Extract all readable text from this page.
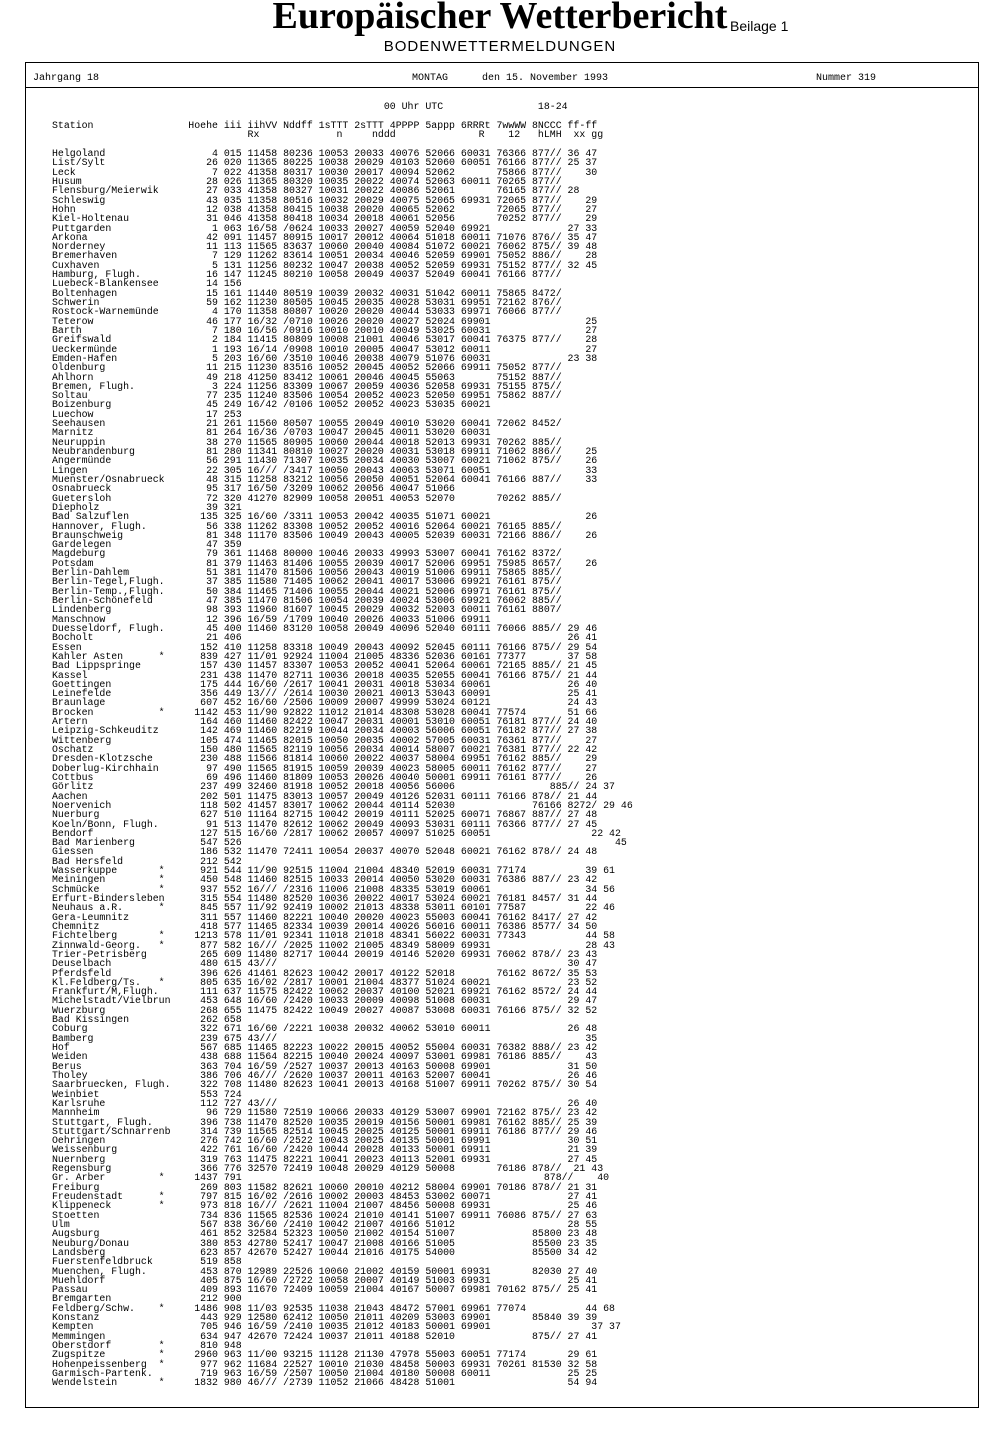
Europäischer Wetterbericht Beilage 1
BODENWETTERMELDUNGEN
Jahrgang 18	MONTAG	den 15. November 1993	Nummer 319
00 Uhr UTC                18-24

Station                Hoehe iii iihVV Nddff 1sTTT 2sTTT 4PPPP 5appp 6RRRt 7wwWW 8NCCC ff-ff
Rx             n     nddd              R    12   hLMH  xx gg
Helgoland                  4 015 11458 80236 10053 20033 40076 52066 60031 76366 877// 36 47
List/Sylt                 26 020 11365 80225 10038 20029 40103 52060 60051 76166 877// 25 37
Leck                       7 022 41358 80317 10030 20017 40094 52062       75866 877//    30
Husum                     28 026 11365 80320 10035 20022 40074 52063 60011 70265 877//
Flensburg/Meierwik        27 033 41358 80327 10031 20022 40086 52061       76165 877// 28
Schleswig                 43 035 11358 80516 10032 20029 40075 52065 69931 72065 877//    29
Hohn                      12 038 41358 80415 10038 20020 40065 52062       72065 877//    27
Kiel-Holtenau             31 046 41358 80418 10034 20018 40061 52056       70252 877//    29
Puttgarden                 1 063 16/58 /0624 10033 20027 40059 52040 69921             27 33
Arkona                    42 091 11457 80915 10017 20012 40064 51018 60011 71076 876// 35 47
Norderney                 11 113 11565 83637 10060 20040 40084 51072 60021 76062 875// 39 48
Bremerhaven                7 129 11262 83614 10051 20034 40046 52059 69901 75052 886//    28
Cuxhaven                   5 131 11256 80232 10047 20038 40052 52059 69931 75152 877// 32 45
Hamburg, Flugh.           16 147 11245 80210 10058 20049 40037 52049 60041 76166 877//
Luebeck-Blankensee        14 156
Boltenhagen               15 161 11440 80519 10039 20032 40031 51042 60011 75865 8472/
Schwerin                  59 162 11230 80505 10045 20035 40028 53031 69951 72162 876//
Rostock-Warnemünde         4 170 11358 80807 10020 20020 40044 53033 69971 76066 877//
Teterow                   46 177 16/32 /0710 10026 20020 40027 52024 69901                25
Barth                      7 180 16/56 /0916 10010 20010 40049 53025 60031                27
Greifswald                 2 184 11415 80809 10008 21001 40046 53017 60041 76375 877//    28
Ueckermünde                1 193 16/14 /0908 10010 20005 40047 53012 60011                27
Emden-Hafen                5 203 16/60 /3510 10046 20038 40079 51076 60031             23 38
Oldenburg                 11 215 11230 83516 10052 20045 40052 52066 69911 75052 877//
Ahlhorn                   49 218 41250 83412 10061 20046 40045 55063       75152 887//
Bremen, Flugh.             3 224 11256 83309 10067 20059 40036 52058 69931 75155 875//
Soltau                    77 235 11240 83506 10054 20052 40023 52050 69951 75862 887//
Boizenburg                45 249 16/42 /0106 10052 20052 40023 53035 60021
Luechow                   17 253
Seehausen                 21 261 11560 80507 10055 20049 40010 53020 60041 72062 8452/
Marnitz                   81 264 16/36 /0703 10047 20045 40011 53020 60031
Neuruppin                 38 270 11565 80905 10060 20044 40018 52013 69931 70262 885//
Neubrandenburg            81 280 11341 80810 10027 20020 40031 53018 69911 71062 886//    25
Angermünde                56 291 11430 71307 10035 20034 40030 53007 60021 71062 875//    26
Lingen                    22 305 16/// /3417 10050 20043 40063 53071 60051                33
Muenster/Osnabrueck       48 315 11258 83212 10056 20050 40051 52064 60041 76166 887//    33
Osnabrueck                95 317 16/50 /3209 10062 20056 40047 51066
Guetersloh                72 320 41270 82909 10058 20051 40053 52070       70262 885//
Diepholz                  39 321
Bad Salzuflen            135 325 16/60 /3311 10053 20042 40035 51071 60021                26
Hannover, Flugh.          56 338 11262 83308 10052 20052 40016 52064 60021 76165 885//
Braunschweig              81 348 11170 83506 10049 20043 40005 52039 60031 72166 886//    26
Gardelegen                47 359
Magdeburg                 79 361 11468 80000 10046 20033 49993 53007 60041 76162 8372/
Potsdam                   81 379 11463 81406 10055 20039 40017 52006 69951 75985 8657/    26
Berlin-Dahlem             51 381 11470 81506 10056 20043 40019 51006 69911 75865 885//
Berlin-Tegel,Flugh.       37 385 11580 71405 10062 20041 40017 53006 69921 76161 875//
Berlin-Temp.,Flugh.       50 384 11465 71406 10055 20044 40021 52006 69971 76161 875//
Berlin-Schönefeld         47 385 11470 81506 10054 20039 40024 53006 69921 76062 885//
Lindenberg                98 393 11960 81607 10045 20029 40032 52003 60011 76161 8807/
Manschnow                 12 396 16/59 /1709 10040 20026 40033 51006 69911
Duesseldorf, Flugh.       45 400 11460 83120 10058 20049 40096 52040 60111 76066 885// 29 46
Bocholt                   21 406                                                       26 41
Essen                    152 410 11258 83318 10049 20043 40092 52045 60111 76166 875// 29 54
Kahler Asten      *      839 427 11/01 92924 11004 21005 48336 52036 60161 77377       37 58
Bad Lippspringe          157 430 11457 83307 10053 20052 40041 52064 60061 72165 885// 21 45
Kassel                   231 438 11470 82711 10036 20018 40035 52055 60041 76166 875// 21 44
Goettingen               175 444 16/60 /2617 10041 20031 40018 53034 60061             26 40
Leinefelde               356 449 13/// /2614 10030 20021 40013 53043 60091             25 41
Braunlage                607 452 16/60 /2506 10009 20007 49999 53024 60121             24 43
Brocken           *     1142 453 11/90 92822 11012 21014 48308 53028 60041 77574       51 66
Artern                   164 460 11460 82422 10047 20031 40001 53010 60051 76181 877// 24 40
Leipzig-Schkeuditz       142 469 11460 82219 10044 20034 40003 56006 60051 76182 877// 27 38
Wittenberg               105 474 11465 82015 10050 20035 40002 57005 60031 76361 877//    27
Oschatz                  150 480 11565 82119 10056 20034 40014 58007 60021 76381 877// 22 42
Dresden-Klotzsche        230 488 11566 81814 10060 20022 40037 58004 69951 76162 885//    29
Doberlug-Kirchhain        97 490 11565 81915 10059 20039 40023 58005 60011 76162 877//    27
Cottbus                   69 496 11460 81809 10053 20026 40040 50001 69911 76161 877//    26
Görlitz                  237 499 32460 81918 10052 20018 40056 56006                885// 24 37
Aachen                   202 501 11475 83013 10057 20049 40126 52031 60111 76166 878// 21 44
Noervenich               118 502 41457 83017 10062 20044 40114 52030             76166 8272/ 29 46
Nuerburg                 627 510 11164 82715 10042 20019 40111 52025 60071 76867 887// 27 48
Koeln/Bonn, Flugh.        91 513 11470 82612 10062 20049 40093 53031 60111 76366 877// 27 45
Bendorf                  127 515 16/60 /2817 10062 20057 40097 51025 60051                 22 42
Bad Marienberg           547 526                                                               45
Giessen                  186 532 11470 72411 10054 20037 40070 52048 60021 76162 878// 24 48
Bad Hersfeld             212 542
Wasserkuppe       *      921 544 11/90 92515 11004 21004 48340 52019 60031 77174          39 61
Meiningen         *      450 548 11460 82515 10033 20014 40050 53020 60031 76386 887// 23 42
Schmücke          *      937 552 16/// /2316 11006 21008 48335 53019 60061                34 56
Erfurt-Bindersleben      315 554 11480 82520 10036 20022 40017 53024 60021 76181 8457/ 31 44
Neuhaus a.R.      *      845 557 11/92 92419 10002 21013 48338 53011 60101 77587          22 46
Gera-Leumnitz            311 557 11460 82221 10040 20020 40023 55003 60041 76162 8417/ 27 42
Chemnitz                 418 577 11465 82334 10039 20014 40026 56016 60011 76386 8577/ 34 50
Fichtelberg       *     1213 578 11/01 92341 11018 21018 48341 56022 60031 77343          44 58
Zinnwald-Georg.   *      877 582 16/// /2025 11002 21005 48349 58009 69931                28 43
Trier-Petrisberg         265 609 11480 82717 10044 20019 40146 52020 69931 76062 878// 23 43
Deuselbach               480 615 43///                                                 30 47
Pferdsfeld               396 626 41461 82623 10042 20017 40122 52018       76162 8672/ 35 53
Kl.Feldberg/Ts.   *      805 635 16/02 /2817 10001 21004 48377 51024 60021             23 52
Frankfurt/M,Flugh.       111 637 11575 82422 10062 20037 40100 52021 69921 76162 8572/ 24 44
Michelstadt/Vielbrun     453 648 16/60 /2420 10033 20009 40098 51008 60031             29 47
Wuerzburg                268 655 11475 82422 10049 20027 40087 53008 60031 76166 875// 32 52
Bad Kissingen            262 658
Coburg                   322 671 16/60 /2221 10038 20032 40062 53010 60011             26 48
Bamberg                  239 675 43///                                                    35
Hof                      567 685 11465 82223 10022 20015 40052 55004 60031 76382 888// 23 42
Weiden                   438 688 11564 82215 10040 20024 40097 53001 69981 76186 885//    43
Berus                    363 704 16/59 /2527 10037 20013 40163 50008 69901             31 50
Tholey                   386 706 46/// /2620 10037 20011 40163 52007 60041             26 46
Saarbruecken, Flugh.     322 708 11480 82623 10041 20013 40168 51007 69911 70262 875// 30 54
Weinbiet                 553 724
Karlsruhe                112 727 43///                                                 26 40
Mannheim                  96 729 11580 72519 10066 20033 40129 53007 69901 72162 875// 23 42
Stuttgart, Flugh.        396 738 11470 82520 10035 20019 40156 50001 69981 76162 885// 25 39
Stuttgart/Schnarrenb     314 739 11565 82514 10045 20025 40125 50001 69911 76186 877// 29 46
Oehringen                276 742 16/60 /2522 10043 20025 40135 50001 69991             30 51
Weissenburg              422 761 16/60 /2420 10044 20028 40133 50001 69911             21 39
Nuernberg                319 763 11475 82221 10041 20023 40113 52001 69931             27 45
Regensburg               366 776 32570 72419 10048 20029 40129 50008       76186 878//  21 43
Gr. Arber         *     1437 791                                                   878//    40
Freiburg                 269 803 11582 82621 10060 20010 40212 58004 69901 70186 878// 21 31
Freudenstadt      *      797 815 16/02 /2616 10002 20003 48453 53002 60071             27 41
Klippeneck        *      973 818 16/// /2621 11004 21007 48456 50008 69931             25 46
Stoetten                 734 836 11565 82536 10024 21010 40141 51007 69911 76086 875// 27 63
Ulm                      567 838 36/60 /2410 10042 21007 40166 51012                   28 55
Augsburg                 461 852 32584 52323 10050 21002 40154 51007             85800 23 48
Neuburg/Donau            380 853 42780 52417 10047 21008 40166 51005             85500 23 35
Landsberg                623 857 42670 52427 10044 21016 40175 54000             85500 34 42
Fuerstenfeldbruck        519 858
Muenchen, Flugh.         453 870 12989 22526 10060 21002 40159 50001 69931       82030 27 40
Muehldorf                405 875 16/60 /2722 10058 20007 40149 51003 69931             25 41
Passau                   409 893 11670 72409 10059 21004 40167 50007 69981 70162 875// 25 41
Bremgarten               212 900
Feldberg/Schw.    *     1486 908 11/03 92535 11038 21043 48472 57001 69961 77074          44 68
Konstanz                 443 929 12580 62412 10050 21011 40209 53003 69901       85840 39 39
Kempten                  705 946 16/59 /2410 10035 21012 40183 50001 69901                 37 37
Memmingen                634 947 42670 72424 10037 21011 40188 52010             875// 27 41
Oberstdorf        *      810 948
Zugspitze         *     2960 963 11/00 93215 11128 21130 47978 55003 60051 77174       29 61
Hohenpeissenberg  *      977 962 11684 22527 10010 21030 48458 50003 69931 70261 81530 32 58
Garmisch-Partenk.        719 963 16/59 /2507 10050 21004 40180 50008 60011             25 25
Wendelstein       *     1832 980 46/// /2739 11052 21066 48428 51001                   54 94
